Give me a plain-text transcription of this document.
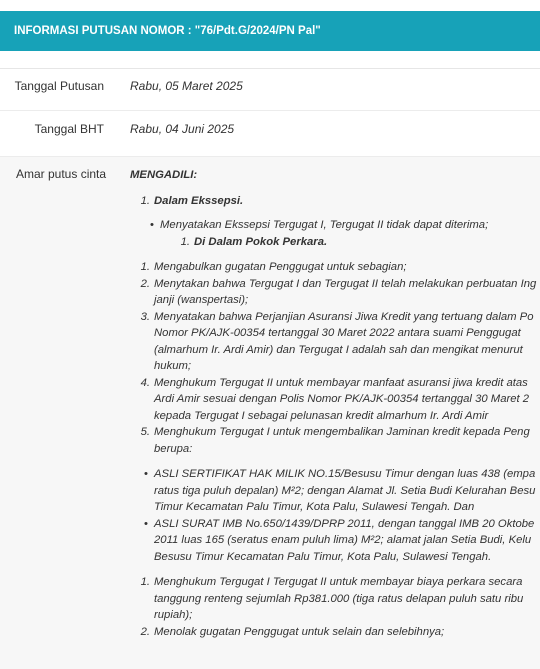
INFORMASI PUTUSAN NOMOR : "76/Pdt.G/2024/PN Pal"
Tanggal Putusan Rabu, 05 Maret 2025
Tanggal BHT Rabu, 04 Juni 2025
Amar putus cinta MENGADILI:
1. Dalam Ekssepsi.
• Menyatakan Ekssepsi Tergugat I, Tergugat II tidak dapat diterima;
1. Di Dalam Pokok Perkara.
1. Mengabulkan gugatan Penggugat untuk sebagian;
2. Menytakan bahwa Tergugat I dan Tergugat II telah melakukan perbuatan Ing
janji (wanspertasi);
3. Menyatakan bahwa Perjanjian Asuransi Jiwa Kredit yang tertuang dalam Po
Nomor PK/AJK-00354 tertanggal 30 Maret 2022 antara suami Penggugat
(almarhum Ir. Ardi Amir) dan Tergugat I adalah sah dan mengikat menurut
hukum;
4. Menghukum Tergugat II untuk membayar manfaat asuransi jiwa kredit atas
Ardi Amir sesuai dengan Polis Nomor PK/AJK-00354 tertanggal 30 Maret 2
kepada Tergugat I sebagai pelunasan kredit almarhum Ir. Ardi Amir
5. Menghukum Tergugat I untuk mengembalikan Jaminan kredit kepada Peng
berupa:
• ASLI SERTIFIKAT HAK MILIK NO.15/Besusu Timur dengan luas 438 (empa
ratus tiga puluh depalan) M²2; dengan Alamat Jl. Setia Budi Kelurahan Besu
Timur Kecamatan Palu Timur, Kota Palu, Sulawesi Tengah. Dan
• ASLI SURAT IMB No.650/1439/DPRP 2011, dengan tanggal IMB 20 Oktobe
2011 luas 165 (seratus enam puluh lima) M²2; alamat jalan Setia Budi, Kelu
Besusu Timur Kecamatan Palu Timur, Kota Palu, Sulawesi Tengah.
1. Menghukum Tergugat I Tergugat II untuk membayar biaya perkara secara
tanggung renteng sejumlah Rp381.000 (tiga ratus delapan puluh satu ribu
rupiah);
2. Menolak gugatan Penggugat untuk selain dan selebihnya;
